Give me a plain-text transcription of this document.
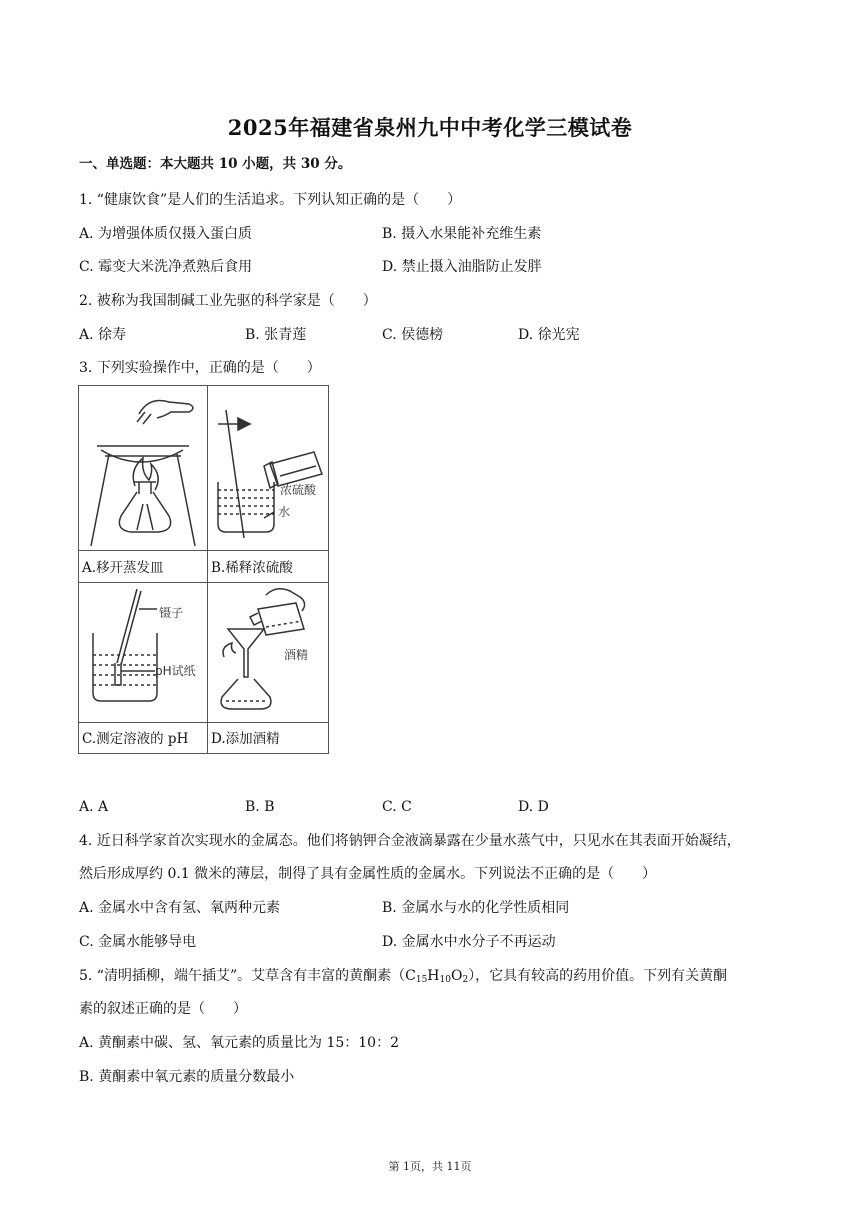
2025年福建省泉州九中中考化学三模试卷
一、单选题：本大题共 10 小题，共 30 分。
1. “健康饮食”是人们的生活追求。下列认知正确的是（　　）
A. 为增强体质仅摄入蛋白质	B. 摄入水果能补充维生素
C. 霉变大米洗净煮熟后食用	D. 禁止摄入油脂防止发胖
2. 被称为我国制碱工业先驱的科学家是（　　）
A. 徐寿	B. 张青莲	C. 侯德榜	D. 徐光宪
3. 下列实验操作中，正确的是（　　）
浓硫酸
水
A.移开蒸发皿	B.稀释浓硫酸
镊子
pH试纸
酒精
C.测定溶液的 pH D.添加酒精
A. A	B. B	C. C	D. D
4. 近日科学家首次实现水的金属态。他们将钠钾合金液滴暴露在少量水蒸气中，只见水在其表面开始凝结，
然后形成厚约 0.1 微米的薄层，制得了具有金属性质的金属水。下列说法不正确的是（　　）
A. 金属水中含有氢、氧两种元素	B. 金属水与水的化学性质相同
C. 金属水能够导电	D. 金属水中水分子不再运动
5. “清明插柳，端午插艾”。艾草含有丰富的黄酮素$(C_{15}H_{10}O_2)$，它具有较高的药用价值。下列有关黄酮
素的叙述正确的是（　　）
A. 黄酮素中碳、氢、氧元素的质量比为 15：10：2
B. 黄酮素中氧元素的质量分数最小
第 1页，共 11页
